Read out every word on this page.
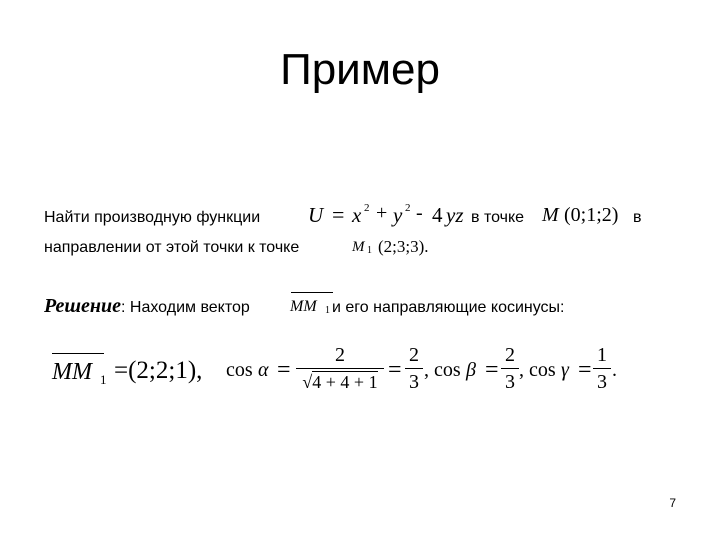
Пример
Найти производную функции U = x 2 + y 2 - 4 yz в точке M (0;1;2) в
направлении от этой точки к точке	M 1 (2;3;3).
Решение: Находим вектор	MM 1 и его направляющие косинусы:
MM 1 =(2;2;1), cos α =
2
√4 + 4 + 1 =
2
3
, cos β =
2
3
, cos γ =
1
3
.
7
